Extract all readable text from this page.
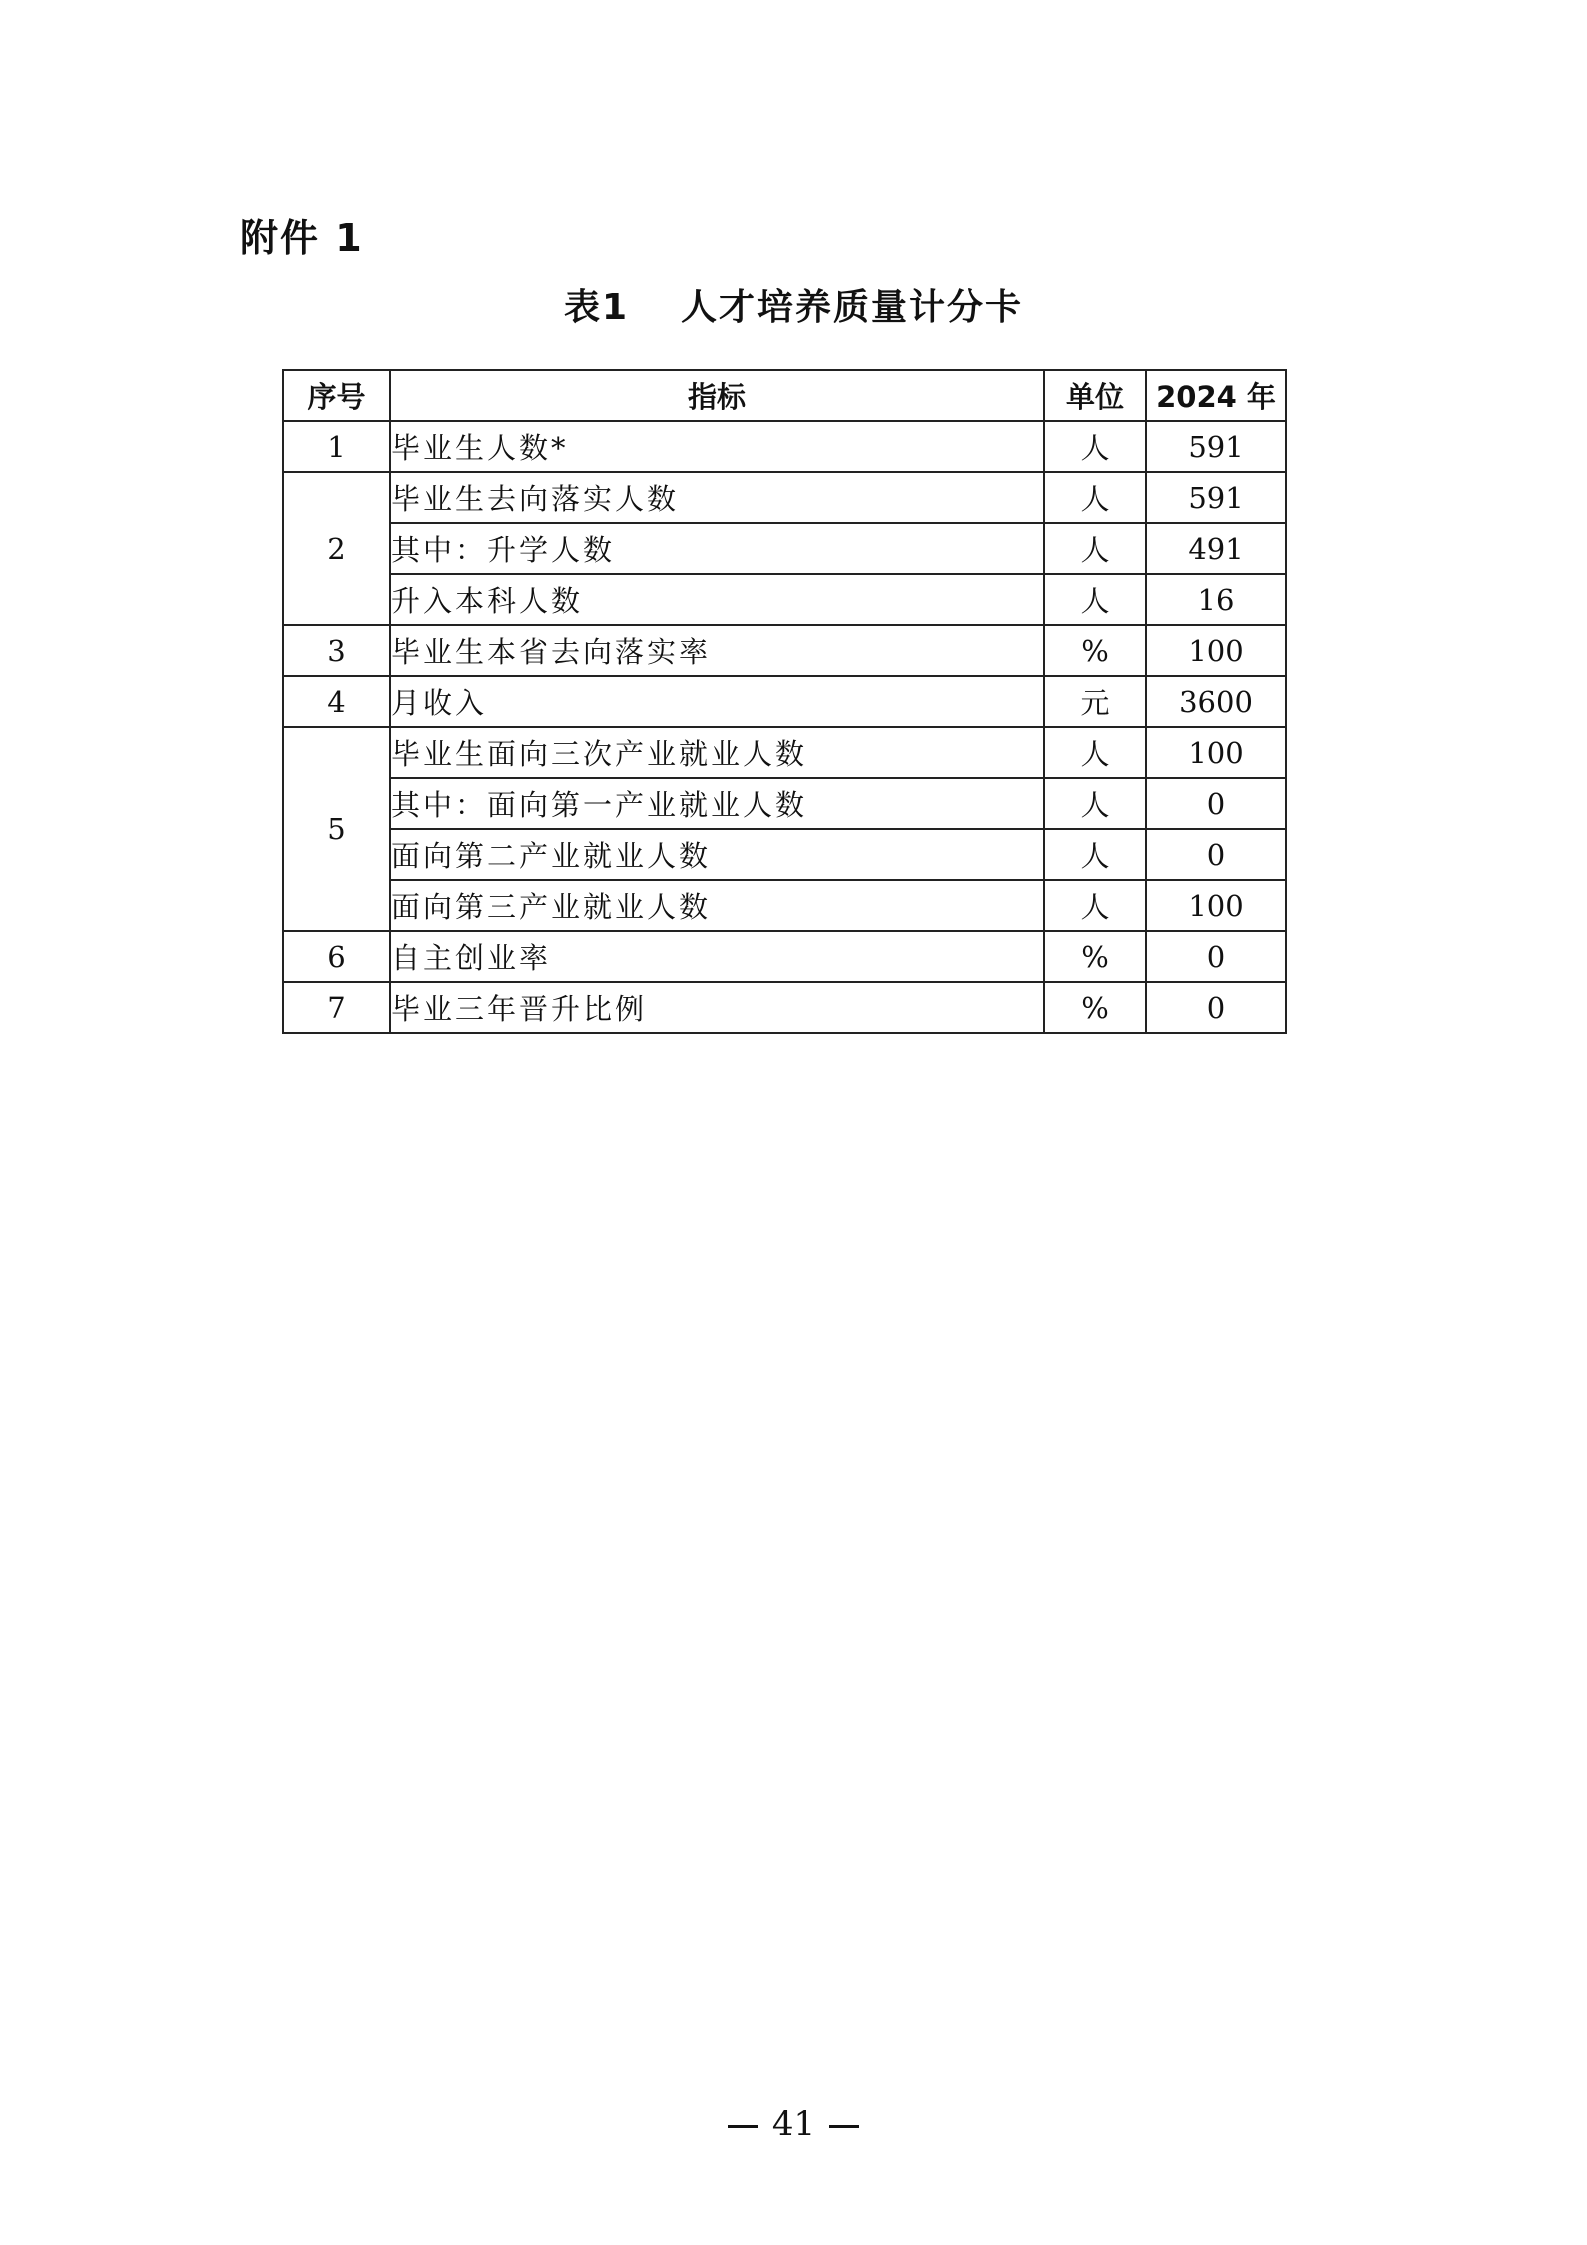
附件 1
表1 人才培养质量计分卡
序号	指标	单位	2024 年
1	毕业生人数*	人	591
2	毕业生去向落实人数	人	591
	其中：升学人数	人	491
	升入本科人数	人	16
3	毕业生本省去向落实率	%	100
4	月收入	元	3600
5	毕业生面向三次产业就业人数	人	100
	其中：面向第一产业就业人数	人	0
	面向第二产业就业人数	人	0
	面向第三产业就业人数	人	100
6	自主创业率	%	0
7	毕业三年晋升比例	%	0
41
